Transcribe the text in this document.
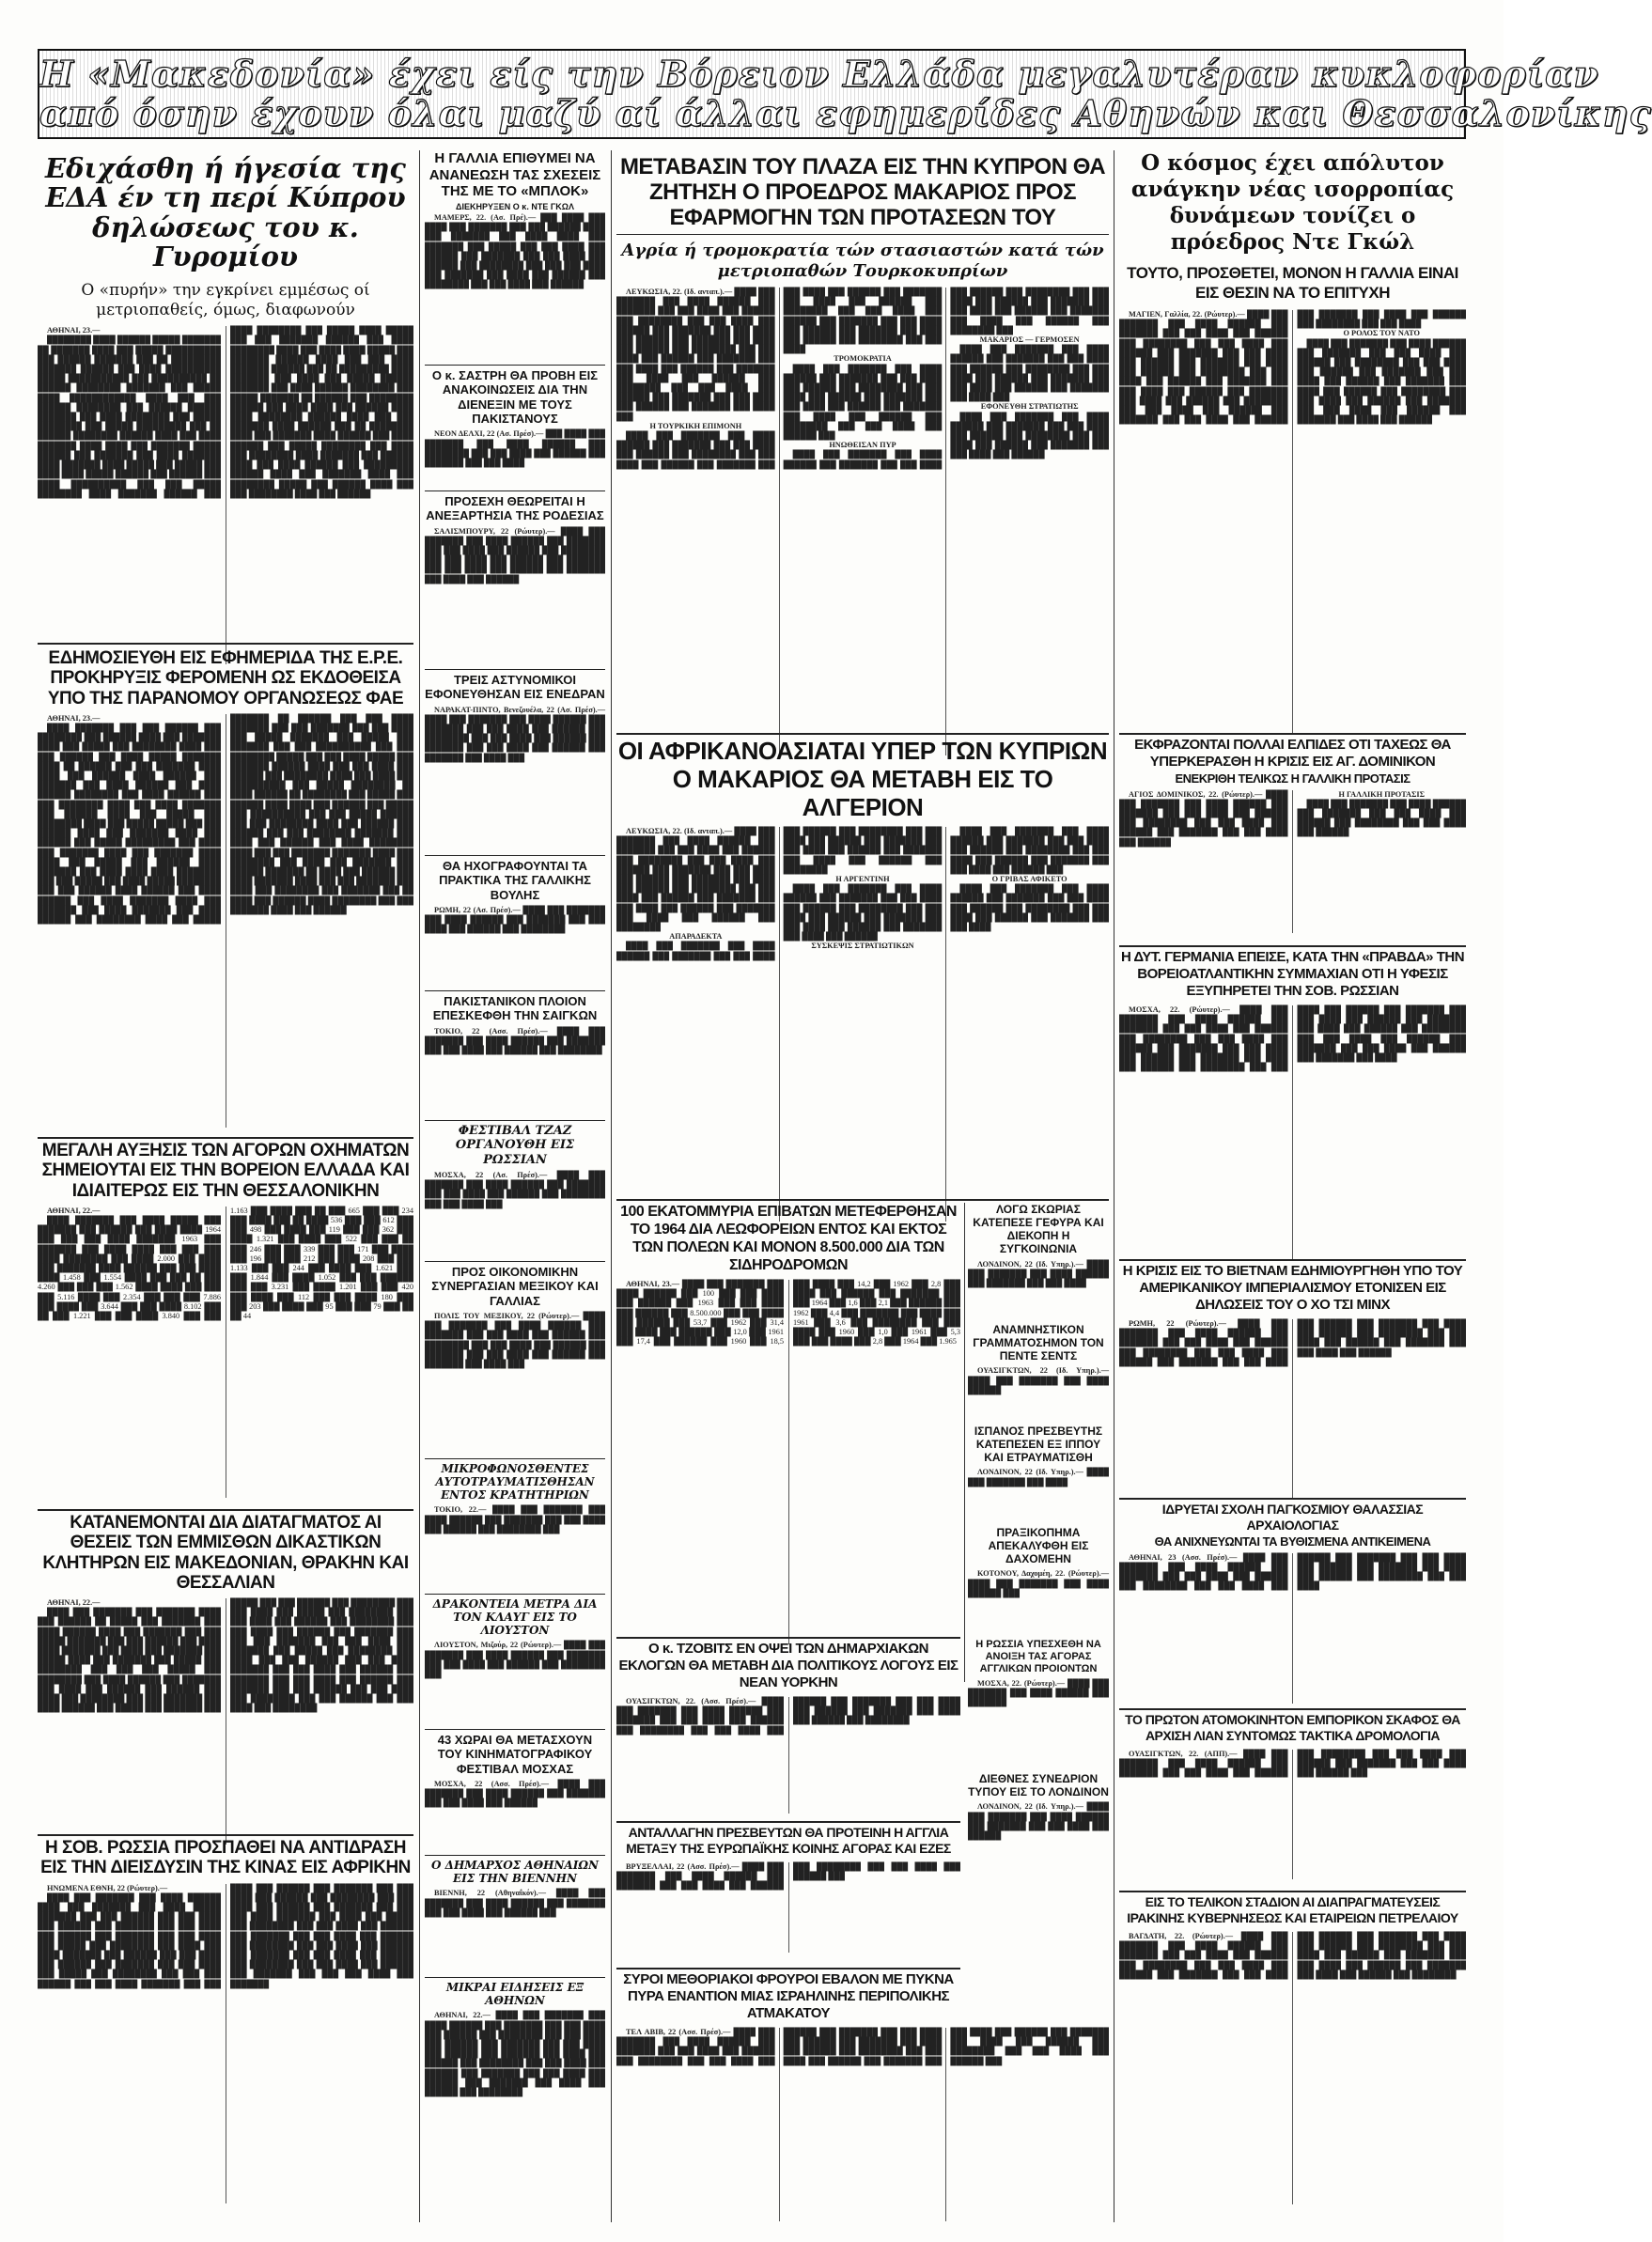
Η «Μακεδονία» έχει είς την Βόρειον Ελλάδα μεγαλυτέραν κυκλοφορίαν
από όσην έχουν όλαι μαζύ αί άλλαι εφημερίδες Αθηνών και Θεσσαλονίκης
Εδιχάσθη ή ήγεσία της ΕΔΑ έν τη περί Κύπρου δηλώσεως του κ. Γυρομίου

Ο «πυρήν» την εγκρίνει εμμέσως οί μετριοπαθείς, όμως, διαφωνούν

ΑΘΗΝΑΙ, 23.—

████████ ████ ██████ █████ ███████ ██ ███████ ████ ███ █████ ██████████ ███ ██████ ███████ ███ ██ █████████ ███████ ██████ ███ ████ ██████████ █████ ███████████ ███ ██████████ ██ ██████ ████████ ███████ ███ █████ ████ ████████████ ████ ███ ███ ██████ ████████ ███ ██████ ██████ ███████ ███ ████ ████████ ███ █████ ████████ ███ █████ █████████ ███ ██ ██████ ████████ ██████ ████ ███ ████ ███████ ████ ████ ███ ███████ █████ ██████ ███ ███████ ███ ████ ███████ ████ ███████ ████ █████ ███ █████ ███ ████ ████ █████ ██████ ███ ██████ ███ ████ ██████████ ███ ███ █████ ████████ ████ ███████ ██████ ███ ████ ████████ ███ █████ ████ █████ ███ ███ ███████ ██████ ███ ████ ████████ ████ ███ ████ ████ █████ ███ ███████ ██████ ████ ███ ███ ████ ███████ ██████ ███ ██ █████████ ████ ███████ ███ ████ ███ █████ ██████ ███████ ███ ████ ██████ ████████ ███ █████ ███████ ██ ██████ ███ ████████ ██████ ███ ████ ████ ███ ██████ ████ ████ ████████ ██████ ████ ███ ███ ███████ ████ ██████ ███ ██ ████████ ████ ███ ███████ ████ ██████ ███ ████ ██████ ███ █████ ████████ ███ ████ ███ ████████ ████ ███████ ███ ██████ ████ ███ ████ ██████ ███ █████████ ██████ ████ ███ ███████ ████ ███ ████████ █████ ███ ██████ ████ ███ ███ ████████ ████ ███ ██████

ΕΔΗΜΟΣΙΕΥΘΗ ΕΙΣ ΕΦΗΜΕΡΙΔΑ ΤΗΣ Ε.Ρ.Ε. ΠΡΟΚΗΡΥΞΙΣ ΦΕΡΟΜΕΝΗ ΩΣ ΕΚΔΟΘΕΙΣΑ ΥΠΟ ΤΗΣ ΠΑΡΑΝΟΜΟΥ ΟΡΓΑΝΩΣΕΩΣ ΦΑΕ

ΑΘΗΝΑΙ, 23.—

████ ███████ ███ ███ ██████ ███ ████████ ███ ██████ ████ ███ ███████ ████ ███ █████ ███ ████████ ████ ███ ███ ██████ ███ ████ █████ ███████ ████ ██ ██████ ███ ███ ███████ ████ ████ ███ ██████ ████ ██████ ███ ███████ ███ ████ ██████ ███ ████ ██████ ████████ ███ ████ ██████ ███ ███ ████████ ████ ███ ████ ███████ ███ ██████ ████ ███ █████ ███ ████████ ████ ███ █████ █████ ███ ███ ██████ ████ ███ ███████ ████ ███ ██████ ███ █████ █████████ ███ ████ ███ ███████ ████ ███ ███████ ████ ████ ███ █████ ███ ██████ ████ ███████ ███ ████ ████ ████ ████████ ███ ███ █████ ███ ████ █████ ████████ ███ ███ ██████ ████ ██████ ███ ████ ██████ ███ ████ ███████ ████ ███ ███████ ███ ████ ███████ ███ ████ ██████ ███ ████████ ████ ███ █████ ███████ ██ ██████ ███ ███ ████ ███████ ███ ███ ███████ ███ ███ ████ ███ █████ ███████ ███ █████ ███ ███████ ███ ███ ██████████ ███ ███ ████████ █████ ███ ███ ████ █████ ███ ███████ ██████ ████ ███ ███ ████ ███ ██████ ███ ████████ ████ ███ ████ ███ ██████████ ███ █████ ████████ ██ ████ ██████ ██ ████████ ███ █████ ███ ██████ ████ ████ ███ ██████ ███ █████ ███ ██████████ ███ ███ █████ ██████ ███ ███ ████████ ████ ███ ██████ ███ ██████ ███ ███ ████████ ███████ ███ ████ ███ ██████ ███ ████ ████████ ████ ███ ███ ███████ ███████ ████ ███ ████████ ███ ████ ███ ███████ ███ ██████ ███████ ██ ████ ███ ██████ ███ ████ ███████ ████ ███ ███ ███████ ███ ████ ███ ████████ ███ ███████ ███ ██ ████ ███ ██████ ████ ████████ ███ ███ ███████ ████ ███ ██████

ΜΕΓΑΛΗ ΑΥΞΗΣΙΣ ΤΩΝ ΑΓΟΡΩΝ ΟΧΗΜΑΤΩΝ ΣΗΜΕΙΟΥΤΑΙ ΕΙΣ ΤΗΝ ΒΟΡΕΙΟΝ ΕΛΛΑΔΑ ΚΑΙ ΙΔΙΑΙΤΕΡΩΣ ΕΙΣ ΤΗΝ ΘΕΣΣΑΛΟΝΙΚΗΝ

ΑΘΗΝΑΙ, 22.—

████ ███████ ███ ████ █████ ███ ███████ ███ ██████ ███ ████ ████ 1964 ███ ███ ███ ████ ███████ 1963 ███ ███████ ███ ████ ████ ███ ███ ███ ████ ████████ ███ ████ 2.000 ███ ████ ███ ███████ ████ ██████ ███ ███ ████ ████ 1.458 ███ 1.554 ████ ███ ███ ██ ███ 4.260 ███ ███ ███ 1.562 ████ ████ ███ ███ ███ 5.116 ████ ███ 2.354 ███ ███ ███ 7.886 ███ ████ ███ 3.644 ███ ███ ████ 8.102 ███ ██ ███ 1.221 ███ ███ ████ 3.840 ███ ███ 1.163 ███ ████ ███ ██ ███ 665 ███ ███ 234 ███ ████ ███ ██ ████ 536 ███ ███ 612 ███ ███ 498 ███ ████ ███ 119 ███ ███ 362 ███ ████ 1.321 ███ ████ ███ 522 ███ ███ ██ ███ 246 ███ ███ 339 ███ ███ 171 ███ ████ ███ 196 ███ ███ 212 ███ ████ 208 ███ ███ 1.133 ███ ███ 244 ███ ████ ███ 1.621 ███ ███ 1.844 ███ ████ 1.052 ███ ███ ██████ ███ ███ 3.231 ███ ████ 1.201 ███ ███ 420 ███ ████ ███ 112 ███ ███ ████ 180 ███ ███ 203 ███ ████ ███ 95 ███ ███ 79 ███ ██ ██ 44

ΚΑΤΑΝΕΜΟΝΤΑΙ ΔΙΑ ΔΙΑΤΑΓΜΑΤΟΣ ΑΙ ΘΕΣΕΙΣ ΤΩΝ ΕΜΜΙΣΘΩΝ ΔΙΚΑΣΤΙΚΩΝ ΚΛΗΤΗΡΩΝ ΕΙΣ ΜΑΚΕΔΟΝΙΑΝ, ΘΡΑΚΗΝ ΚΑΙ ΘΕΣΣΑΛΙΑΝ

ΑΘΗΝΑΙ, 22.—

████ ███ ███████ ███ ███████ ████ ███ ██████ ██ █████ ███ ███████ ███ ████ ██████ ████ ███ ███████ ███ ███ █████ ███████ ███ ███ ██████ ███ ████ ████ ███████ ███ ████ ███ ███████ ███ █████ ████ ███ ███████ ███ █████ ███ ████████ ███ ███ ███ █████ ███ ████████ ███ ████ ██████ ███ ███████ ███ ████ ███ ██████ ███ ██████ ███ ████ ███ ████████ ███ ███ ███████ ███ ████ ██████ ███ █████ ███ ███████ ███ █████ ███ ███ ██████ ███ ████████ ███ ███ ████ ███ █████ ███ ████████ ███ ███ ████ ███ ██████ ███ ████████ ███ ███ ████ ███ ██████ ███ ███████ ███ ███ ███ ███████ ███ ███ ████ ███ ███████ ███ █████ ███ ████████ ███ ████ ███ ███ ██████ ███ ███ ████ ███████ ███ ███ ████ ███ ██████ ███ ███████ ███ ███ ████ ███ ██████ ███ ███████ ███ ███ ██████ ███ ███ ████ ███ ████████ ███ ███ ██████ ███ ███ ████ ███ ████████

Η ΣΟΒ. ΡΩΣΣΙΑ ΠΡΟΣΠΑΘΕΙ ΝΑ ΑΝΤΙΔΡΑΣΗ ΕΙΣ ΤΗΝ ΔΙΕΙΣΔΥΣΙΝ ΤΗΣ ΚΙΝΑΣ ΕΙΣ ΑΦΡΙΚΗΝ

ΗΝΩΜΕΝΑ ΕΘΝΗ, 22 (Ρώυτερ).—

████ ███ ███████ ███ ████ ██████ ████ ███ ███████ ███ ████ █████ ███████ ███ ███ ██████ ███ ███ ████ ███ ██████ ███ ███████ ███ ███ ████ ███ ██████ ███ ███████ ███ ███ ████ ███ █████ ███ ████████ ███ ████ ███ ████ ███████ ███ ██████ ███ ███ ████ ███ ██████ ███ ███████ ███ ███ ████ ███ █████ ███ ████████ ███ ███ ███ ██████ ███ ███ ████ ███████ ███ ███ ████ ███ ██████ ███ ███████ ███ ███ ████ ███ ██████ ███ ████████ ███ ███ ████ ███ ██████ ███ ███████ ███ ███ ███ ████ ███████ ███ ████ ███ █████ ███ ████████ ███ ███ ████ ███ ██████ ███ ███████ ███ ███ ████ ███ ██████ ███ ████████ ███ ███ ████ ███ ██████ ███ ███████ ███ ███ ████ ███ ██████ ███ ████████ ███ ███ ████ ███ ██████ ███ ███████ ███ ███ ███ ████ ███ ███████

Η ΓΑΛΛΙΑ ΕΠΙΘΥΜΕΙ ΝΑ ΑΝΑΝΕΩΣΗ ΤΑΣ ΣΧΕΣΕΙΣ ΤΗΣ ΜΕ ΤΟ «ΜΠΛΟΚ»

ΔΙΕΚΗΡΥΞΕΝ Ο κ. ΝΤΕ ΓΚΩΛ

ΜΑΜΕΡΣ, 22. (Ασ. Πρέ).— ███ ████ ███ ████ ███ ███████ ███ ███ ██████ ████ ███ ███████ ███ ████ ████ ███ ███████ ███ █████ ███ ███ ████ ███ ██████ ███ ███████ ███ ███ ████ ███ ██████ ███ ████████ ███ ███ ███ ████ ███ ███████ ███ ████ ███ ██████ ███ ████████ ███ ███ ████ ███ ██████

Ο κ. ΣΑΣΤΡΗ ΘΑ ΠΡΟΒΗ ΕΙΣ ΑΝΑΚΟΙΝΩΣΕΙΣ ΔΙΑ ΤΗΝ ΔΙΕΝΕΞΙΝ ΜΕ ΤΟΥΣ ΠΑΚΙΣΤΑΝΟΥΣ

ΝΕΟΝ ΔΕΛΧΙ, 22 (Ασ. Πρέσ).— ███ ████ ███ ███████ ███ ████ ██████ ███ ████████ ███ ███ ████ ███ ██████ ███ ███████ ███ ███ ████

ΠΡΟΣΕΧΗ ΘΕΩΡΕΙΤΑΙ Η ΑΝΕΞΑΡΤΗΣΙΑ ΤΗΣ ΡΟΔΕΣΙΑΣ

ΣΑΛΙΣΜΠΟΥΡΥ, 22 (Ρώυτερ).— ████ ███ ███████ ███ ████ ██████ ███ ███████ ███ ███ ████ ███ ██████ ███ ████████ ███ ███ ████ ███ ██████ ███ ███████ ███ ███ ████ ███ ██████ ███ ███████ ███ ████ ███ ██████

ΤΡΕΙΣ ΑΣΤΥΝΟΜΙΚΟΙ ΕΦΟΝΕΥΘΗΣΑΝ ΕΙΣ ΕΝΕΔΡΑΝ

ΝΑΡΑΚΑΤ-ΠΙΝΤΟ, Βενεζουέλα, 22 (Ασ. Πρέσ).— ████ ███ ███████ ███ ████ ██████ ███ ███████ ███ ███ ████ ███ ██████ ███ ████████ ███ ███ ████ ███ ██████ ███ ███████ ███ ███ ████ ███ ██████ ███ ███████ ███ ████ ███

ΘΑ ΗΧΟΓΡΑΦΟΥΝΤΑΙ ΤΑ ΠΡΑΚΤΙΚΑ ΤΗΣ ΓΑΛΛΙΚΗΣ ΒΟΥΛΗΣ

ΡΩΜΗ, 22 (Ασ. Πρέσ).— ████ ███ ███████ ███ ████ ██████ ███ ███████ ███ ███ ████ ███ ██████ ███ ████████

ΠΑΚΙΣΤΑΝΙΚΟΝ ΠΛΟΙΟΝ ΕΠΕΣΚΕΦΘΗ ΤΗΝ ΣΑΙΓΚΩΝ

ΤΟΚΙΟ, 22 (Ασσ. Πρέσ).— ████ ███ ███████ ███ ████ ██████ ███ ███████ ███ ███ ████ ███ ██████ ███ ████████

ΦΕΣΤΙΒΑΛ ΤΖΑΖ ΟΡΓΑΝΟΥΘΗ ΕΙΣ ΡΩΣΣΙΑΝ

ΜΟΣΧΑ, 22 (Ασ. Πρέσ).— ████ ███ ███████ ███ ████ ██████ ███ ███████ ███ ███ ████ ███ ██████ ███ ████████ ███ ███ ████ ███

ΠΡΟΣ ΟΙΚΟΝΟΜΙΚΗΝ ΣΥΝΕΡΓΑΣΙΑΝ ΜΕΞΙΚΟΥ ΚΑΙ ΓΑΛΛΙΑΣ

ΠΟΛΙΣ ΤΟΥ ΜΕΞΙΚΟΥ, 22 (Ρώυτερ).— ████ ███ ███████ ███ ████ ██████ ███ ███████ ███ ███ ████ ███ ██████ ███ ████████ ███ ███ ████ ███ ██████ ███ ███████ ███ ███ ████ ███ ██████ ███ ███████ ███ ████ ███

ΜΙΚΡΟΦΩΝΟΣΘΕΝΤΕΣ ΑΥΤΟΤΡΑΥΜΑΤΙΣΘΗΣΑΝ ΕΝΤΟΣ ΚΡΑΤΗΤΗΡΙΩΝ

ΤΟΚΙΟ, 22.— ████ ███ ███████ ███ ████ ██████ ███ ███████ ███ ███ ████ ███ ██████ ███ ████████ ███

ΔΡΑΚΟΝΤΕΙΑ ΜΕΤΡΑ ΔΙΑ ΤΟΝ ΚΛΑΥΓ ΕΙΣ ΤΟ ΛΙΟΥΣΤΟΝ

ΛΙΟΥΣΤΟΝ, Μιζούρ, 22 (Ρώυτερ).— ████ ███ ███████ ███ ████ ██████ ███ ███████ ███ ███ ████ ███ ██████ ███ ████████ ███

43 ΧΩΡΑΙ ΘΑ ΜΕΤΑΣΧΟΥΝ ΤΟΥ ΚΙΝΗΜΑΤΟΓΡΑΦΙΚΟΥ ΦΕΣΤΙΒΑΛ ΜΟΣΧΑΣ

ΜΟΣΧΑ, 22 (Ασσ. Πρέσ).— ████ ███ ███████ ███ ████ ██████ ███ ███████ ███ ███ ████ ███ ██████

Ο ΔΗΜΑΡΧΟΣ ΑΘΗΝΑΙΩΝ ΕΙΣ ΤΗΝ ΒΙΕΝΝΗΝ

ΒΙΕΝΝΗ, 22 (Αθηναΐκόν).— ████ ███ ███████ ███ ████ ██████ ███ ███████ ███ ███ ████ ███ ██████ ███

ΜΙΚΡΑΙ ΕΙΔΗΣΕΙΣ ΕΞ ΑΘΗΝΩΝ

ΑΘΗΝΑΙ, 22.— ████ ███ ███████ ███ ████ ██████ ███ ███████ ███ ███ ████ ███ ██████ ███ ████████ ███ ███ ████ ███ ██████ ███ ███████ ███ ███ ████ ███ ██████ ███ ███████ ███ ████ ███ ██████ ███ ████████ ███ ███ ████ ███ ██████ ███ ███████ ███ ███ ████ ███ ██████ ███ ███████ ███ ████ ███ ██████ ███ ████████

ΜΕΤΑΒΑΣΙΝ ΤΟΥ ΠΛΑΖΑ ΕΙΣ ΤΗΝ ΚΥΠΡΟΝ ΘΑ ΖΗΤΗΣΗ Ο ΠΡΟΕΔΡΟΣ ΜΑΚΑΡΙΟΣ ΠΡΟΣ ΕΦΑΡΜΟΓΗΝ ΤΩΝ ΠΡΟΤΑΣΕΩΝ ΤΟΥ

Αγρία ή τρομοκρατία τών στασιαστών κατά τών μετριοπαθών Τουρκοκυπρίων

ΛΕΥΚΩΣΙΑ, 22. (Ιδ. ανταπ.).— ████ ███ ███████ ███ ████ ██████ ███ ███████ ███ ███ ████ ███ ██████ ███ ████████ ███ ███ ████ ███ ██████ ███ ███████ ███ ███ ████ ███ ██████ ███ ███████ ███ ████ ███ ██████ ███ ████████ ███ ███ ████ ███ ██████ ███ ███████ ███ ███ ████ ███ ██████ ███ ███████ ███ ████ ███ ██████ ███ ████████ ███ ███ ████ ███ ██████ ███ ███████ ███ ███ ████ ███ ██████ ███ ███████ ███ ████ ███

Η ΤΟΥΡΚΙΚΗ ΕΠΙΜΟΝΗ

████ ███ ███████ ███ ████ ██████ ███ ███████ ███ ███ ████ ███ ██████ ███ ████████ ███ ███ ████ ███ ██████ ███ ███████ ███ ███ ████ ███ ██████ ███ ███████ ███ ████ ███ ██████ ███ ████████ ███ ███ ████ ███ ██████ ███ ███████ ███ ███ ████ ███ ██████ ███ ███████ ███ ████ ███ ██████ ███ ████████ ███ ███ ████

ΤΡΟΜΟΚΡΑΤΙΑ

████ ███ ███████ ███ ████ ██████ ███ ███████ ███ ███ ████ ███ ██████ ███ ████████ ███ ███ ████ ███ ██████ ███ ███████ ███ ███ ████ ███ ██████ ███ ███████ ███ ████ ███ ██████ ███ ████████ ███ ███ ████ ███ ██████ ███

ΗΝΩΘΕΙΣΑΝ ΠΥΡ

████ ███ ███████ ███ ████ ██████ ███ ███████ ███ ███ ████ ███ ██████ ███ ████████ ███ ███ ████ ███ ██████ ███ ███████ ███ ███ ████ ███ ██████ ███ ███████ ███ ████ ███ ██████ ███ ████████ ███

ΜΑΚΑΡΙΟΣ — ΓΕΡΜΟΣΕΝ

████ ███ ███████ ███ ████ ██████ ███ ███████ ███ ███ ████ ███ ██████ ███ ████████ ███ ███ ████ ███ ██████ ███ ███████ ███ ███ ████ ███ ██████ ███ ███████ ███ ████ ███

ΕΦΟΝΕΥΘΗ ΣΤΡΑΤΙΩΤΗΣ

████ ███ ███████ ███ ████ ██████ ███ ███████ ███ ███ ████ ███ ██████ ███ ████████ ███ ███ ████ ███ ██████ ███ ███████ ███ ███ ████ ███ ██████

ΟΙ ΑΦΡΙΚΑΝΟΑΣΙΑΤΑΙ ΥΠΕΡ ΤΩΝ ΚΥΠΡΙΩΝ Ο ΜΑΚΑΡΙΟΣ ΘΑ ΜΕΤΑΒΗ ΕΙΣ ΤΟ ΑΛΓΕΡΙΟΝ

ΛΕΥΚΩΣΙΑ, 22. (Ιδ. ανταπ.).— ████ ███ ███████ ███ ████ ██████ ███ ███████ ███ ███ ████ ███ ██████ ███ ████████ ███ ███ ████ ███ ██████ ███ ███████ ███ ███ ████ ███ ██████ ███ ███████ ███ ████ ███ ██████ ███ ████████ ███ ███ ████ ███ ██████ ███ ███████ ███ ███ ████ ███ ██████ ███ ███████ ███ ████ ███ ██████ ███ ████████

ΑΠΑΡΑΔΕΚΤΑ

████ ███ ███████ ███ ████ ██████ ███ ███████ ███ ███ ████ ███ ██████ ███ ████████ ███ ███ ████ ███ ██████ ███ ███████ ███ ███ ████ ███ ██████ ███ ███████ ███ ████ ███ ██████ ███ ████████

Η ΑΡΓΕΝΤΙΝΗ

████ ███ ███████ ███ ████ ██████ ███ ███████ ███ ███ ████ ███ ██████ ███ ████████ ███ ███ ████ ███ ██████ ███ ███████ ███ ███ ████ ███ ██████ ███ ███████ ███ ████ ███ ██████

ΣΥΣΚΕΨΙΣ ΣΤΡΑΤΙΩΤΙΚΩΝ

████ ███ ███████ ███ ████ ██████ ███ ███████ ███ ███ ████ ███ ██████ ███ ████████ ███ ███ ████ ███ ██████ ███ ███████ ███ ███ ████ ███ ██████ ███

Ο ΓΡΙΒΑΣ ΑΦΙΚΕΤΟ

████ ███ ███████ ███ ████ ██████ ███ ███████ ███ ███ ████ ███ ██████ ███ ████████ ███ ███ ████ ███ ██████ ███ ███████ ███ ███ ████

100 ΕΚΑΤΟΜΜΥΡΙΑ ΕΠΙΒΑΤΩΝ ΜΕΤΕΦΕΡΘΗΣΑΝ ΤΟ 1964 ΔΙΑ ΛΕΩΦΟΡΕΙΩΝ ΕΝΤΟΣ ΚΑΙ ΕΚΤΟΣ ΤΩΝ ΠΟΛΕΩΝ ΚΑΙ ΜΟΝΟΝ 8.500.000 ΔΙΑ ΤΩΝ ΣΙΔΗΡΟΔΡΟΜΩΝ

ΑΘΗΝΑΙ, 23.— ████ ███ ███████ ███ ████ ██████ ███ 100 ███ ███ ████ ███ ██████ ███ 1963 ███ ███ ████ ███ ██████ ███ 8.500.000 ███ ███ ████ ███ ██████ ███ 53,7 ███ 1962 ███ 31,4 ███ ████ ███ ██████ ███ 12,0 ███ 1961 ███ 17,4 ███ ██████ ███ 1960 ███ 18,5 ███ ████ ███ 14,2 ███ 1962 ███ 2,8 ███ ████ ███ ██████ ███ ███████ ███ ███ 1964 ███ 1,6 ███ 2,1 ███ ██████ ███ 1962 ███ 4,4 ███ ███████ ███ ████ ███ 1961 ███ 3,6 ███ ████████ ███ ███ ████ ███ 1960 ███ 1,0 ███ 1961 ███ 5,3 ███ ███ ████ ███ 2,8 ███ 1964 ███ 1.965

ΛΟΓΩ ΣΚΩΡΙΑΣ ΚΑΤΕΠΕΣΕ ΓΕΦΥΡΑ ΚΑΙ ΔΙΕΚΟΠΗ Η ΣΥΓΚΟΙΝΩΝΙΑ

ΛΟΝΔΙΝΟΝ, 22 (Ιδ. Υπηρ.).— ████ ███ ███████ ███ ████ ██████ ███ ███████ ███ ███ ████

ΑΝΑΜΝΗΣΤΙΚΟΝ ΓΡΑΜΜΑΤΟΣΗΜΟΝ ΤΟΝ ΠΕΝΤΕ ΣΕΝΤΣ

ΟΥΑΣΙΓΚΤΩΝ, 22 (Ιδ. Υπηρ.).— ████ ███ ███████ ███ ████ ██████

ΙΣΠΑΝΟΣ ΠΡΕΣΒΕΥΤΗΣ ΚΑΤΕΠΕΣΕΝ ΕΞ ΙΠΠΟΥ ΚΑΙ ΕΤΡΑΥΜΑΤΙΣΘΗ

ΛΟΝΔΙΝΟΝ, 22 (Ιδ. Υπηρ.).— ████ ███ ███████ ███ ████

ΠΡΑΞΙΚΟΠΗΜΑ ΑΠΕΚΑΛΥΦΘΗ ΕΙΣ ΔΑΧΟΜΕΗΝ

ΚΟΤΟΝΟΥ, Δαχομέη, 22. (Ρώυτερ).— ████ ███ ███████ ███ ████ ██████ ███

Ο κ. ΤΖΟΒΙΤΣ ΕΝ ΟΨΕΙ ΤΩΝ ΔΗΜΑΡΧΙΑΚΩΝ ΕΚΛΟΓΩΝ ΘΑ ΜΕΤΑΒΗ ΔΙΑ ΠΟΛΙΤΙΚΟΥΣ ΛΟΓΟΥΣ ΕΙΣ ΝΕΑΝ ΥΟΡΚΗΝ

ΟΥΑΣΙΓΚΤΩΝ, 22. (Ασσ. Πρέσ).— ████ ███ ███████ ███ ████ ██████ ███ ███████ ███ ███ ████ ███ ██████ ███ ████████ ███ ███ ████ ███ ██████ ███ ███████ ███ ███ ████ ███ ██████ ███ ███████ ███ ████ ███ ██████ ███ ████████

Η ΡΩΣΣΙΑ ΥΠΕΣΧΕΘΗ ΝΑ ΑΝΟΙΞΗ ΤΑΣ ΑΓΟΡΑΣ ΑΓΓΛΙΚΩΝ ΠΡΟΙΟΝΤΩΝ

ΜΟΣΧΑ, 22. (Ρώυτερ).— ████ ███ ███████ ███ ████ ██████ ███ ███████

ΔΙΕΘΝΕΣ ΣΥΝΕΔΡΙΟΝ ΤΥΠΟΥ ΕΙΣ ΤΟ ΛΟΝΔΙΝΟΝ

ΛΟΝΔΙΝΟΝ, 22 (Ιδ. Υπηρ.).— ████ ███ ███████ ███ ████ ██████ ███ ███████ ███ ███ ████ ███ ██████

ΑΝΤΑΛΛΑΓΗΝ ΠΡΕΣΒΕΥΤΩΝ ΘΑ ΠΡΟΤΕΙΝΗ Η ΑΓΓΛΙΑ ΜΕΤΑΞΥ ΤΗΣ ΕΥΡΩΠΑΪΚΗΣ ΚΟΙΝΗΣ ΑΓΟΡΑΣ ΚΑΙ ΕΖΕΣ

ΒΡΥΞΕΛΛΑΙ, 22 (Ασσ. Πρέσ).— ████ ███ ███████ ███ ████ ██████ ███ ███████ ███ ███ ████ ███ ██████ ███ ████████ ███ ███ ████ ███ ██████ ███

ΣΥΡΟΙ ΜΕΘΟΡΙΑΚΟΙ ΦΡΟΥΡΟΙ ΕΒΑΛΟΝ ΜΕ ΠΥΚΝΑ ΠΥΡΑ ΕΝΑΝΤΙΟΝ ΜΙΑΣ ΙΣΡΑΗΛΙΝΗΣ ΠΕΡΙΠΟΛΙΚΗΣ ΑΤΜΑΚΑΤΟΥ

ΤΕΛ ΑΒΙΒ, 22 (Ασσ. Πρέσ).— ████ ███ ███████ ███ ████ ██████ ███ ███████ ███ ███ ████ ███ ██████ ███ ████████ ███ ███ ████ ███ ██████ ███ ███████ ███ ███ ████ ███ ██████ ███ ███████ ███ ████ ███ ██████ ███ ████████ ███ ███ ████ ███ ██████ ███ ███████ ███ ███ ████ ███ ██████ ███ ███████ ███ ████ ███ ██████ ███ ████████ ███ ███ ████ ███ ██████ ███

Ο κόσμος έχει απόλυτον ανάγκην νέας ισορροπίας δυνάμεων τονίζει ο πρόεδρος Ντε Γκώλ

ΤΟΥΤΟ, ΠΡΟΣΘΕΤΕΙ, ΜΟΝΟΝ Η ΓΑΛΛΙΑ ΕΙΝΑΙ ΕΙΣ ΘΕΣΙΝ ΝΑ ΤΟ ΕΠΙΤΥΧΗ

ΜΑΓΙΕΝ, Γαλλία, 22. (Ρώυτερ).— ████ ███ ███████ ███ ████ ██████ ███ ███████ ███ ███ ████ ███ ██████ ███ ████████ ███ ███ ████ ███ ██████ ███ ███████ ███ ███ ████ ███ ██████ ███ ███████ ███ ████ ███ ██████ ███ ████████ ███ ███ ████ ███ ██████ ███ ███████ ███ ███ ████ ███ ██████ ███ ███████ ███ ████ ███ ██████ ███ ████████ ███ ███ ████ ███ ██████ ███ ███████ ███ ███ ████ ███ ██████ ███ ███████ ███ ████ ███ ██████ ███ ████████ ███ ███ ████

Ο ΡΟΛΟΣ ΤΟΥ ΝΑΤΟ

████ ███ ███████ ███ ████ ██████ ███ ███████ ███ ███ ████ ███ ██████ ███ ████████ ███ ███ ████ ███ ██████ ███ ███████ ███ ███ ████ ███ ██████ ███ ███████ ███ ████ ███ ██████ ███ ████████ ███ ███ ████ ███ ██████ ███ ███████ ███ ███ ████ ███ ██████ ███ ███████ ███ ████ ███ ██████

ΕΚΦΡΑΖΟΝΤΑΙ ΠΟΛΛΑΙ ΕΛΠΙΔΕΣ ΟΤΙ ΤΑΧΕΩΣ ΘΑ ΥΠΕΡΚΕΡΑΣΘΗ Η ΚΡΙΣΙΣ ΕΙΣ ΑΓ. ΔΟΜΙΝΙΚΟΝ

ΕΝΕΚΡΙΘΗ ΤΕΛΙΚΩΣ Η ΓΑΛΛΙΚΗ ΠΡΟΤΑΣΙΣ

ΑΓΙΟΣ ΔΟΜΙΝΙΚΟΣ, 22. (Ρώυτερ).— ████ ███ ███████ ███ ████ ██████ ███ ███████ ███ ███ ████ ███ ██████ ███ ████████ ███ ███ ████ ███ ██████ ███ ███████ ███ ███ ████ ███ ██████

Η ΓΑΛΛΙΚΗ ΠΡΟΤΑΣΙΣ

████ ███ ███████ ███ ████ ██████ ███ ███████ ███ ███ ████ ███ ██████ ███ ████████ ███ ███ ████ ███ ██████

Η ΔΥΤ. ΓΕΡΜΑΝΙΑ ΕΠΕΙΣΕ, ΚΑΤΑ ΤΗΝ «ΠΡΑΒΔΑ» ΤΗΝ ΒΟΡΕΙΟΑΤΛΑΝΤΙΚΗΝ ΣΥΜΜΑΧΙΑΝ ΟΤΙ Η ΥΦΕΣΙΣ ΕΞΥΠΗΡΕΤΕΙ ΤΗΝ ΣΟΒ. ΡΩΣΣΙΑΝ

ΜΟΣΧΑ, 22. (Ρώυτερ).— ████ ███ ███████ ███ ████ ██████ ███ ███████ ███ ███ ████ ███ ██████ ███ ████████ ███ ███ ████ ███ ██████ ███ ███████ ███ ███ ████ ███ ██████ ███ ███████ ███ ████ ███ ██████ ███ ████████ ███ ███ ████ ███ ██████ ███ ███████ ███ ███ ████ ███ ██████ ███ ███████ ███ ████ ███ ██████ ███ ████████ ███ ███ ████ ███ ██████ ███ ███████ ███ ███ ████ ███ ██████ ███ ███████ ███ ████

Η ΚΡΙΣΙΣ ΕΙΣ ΤΟ ΒΙΕΤΝΑΜ ΕΔΗΜΙΟΥΡΓΗΘΗ ΥΠΟ ΤΟΥ ΑΜΕΡΙΚΑΝΙΚΟΥ ΙΜΠΕΡΙΑΛΙΣΜΟΥ ΕΤΟΝΙΣΕΝ ΕΙΣ ΔΗΛΩΣΕΙΣ ΤΟΥ Ο ΧΟ ΤΣΙ ΜΙΝΧ

ΡΩΜΗ, 22 (Ρώυτερ).— ████ ███ ███████ ███ ████ ██████ ███ ███████ ███ ███ ████ ███ ██████ ███ ████████ ███ ███ ████ ███ ██████ ███ ███████ ███ ███ ████ ███ ██████ ███ ███████ ███ ████ ███ ██████ ███ ████████ ███ ███ ████ ███ ██████ ███ ███████ ███ ███ ████ ███ ██████

ΙΔΡΥΕΤΑΙ ΣΧΟΛΗ ΠΑΓΚΟΣΜΙΟΥ ΘΑΛΑΣΣΙΑΣ ΑΡΧΑΙΟΛΟΓΙΑΣ

ΘΑ ΑΝΙΧΝΕΥΩΝΤΑΙ ΤΑ ΒΥΘΙΣΜΕΝΑ ΑΝΤΙΚΕΙΜΕΝΑ

ΑΘΗΝΑΙ, 23 (Ασσ. Πρέσ).— ████ ███ ███████ ███ ████ ██████ ███ ███████ ███ ███ ████ ███ ██████ ███ ████████ ███ ███ ████ ███ ██████ ███ ███████ ███ ███ ████ ███ ██████ ███ ███████ ███ ████ ███ ██████ ███ ████████ ███ ███ ████

ΤΟ ΠΡΩΤΟΝ ΑΤΟΜΟΚΙΝΗΤΟΝ ΕΜΠΟΡΙΚΟΝ ΣΚΑΦΟΣ ΘΑ ΑΡΧΙΣΗ ΛΙΑΝ ΣΥΝΤΟΜΩΣ ΤΑΚΤΙΚΑ ΔΡΟΜΟΛΟΓΙΑ

ΟΥΑΣΙΓΚΤΩΝ, 22. (ΑΠΠ).— ████ ███ ███████ ███ ████ ██████ ███ ███████ ███ ███ ████ ███ ██████ ███ ████████ ███ ███ ████ ███ ██████ ███ ███████ ███ ███ ████ ███ ██████ ███

ΕΙΣ ΤΟ ΤΕΛΙΚΟΝ ΣΤΑΔΙΟΝ ΑΙ ΔΙΑΠΡΑΓΜΑΤΕΥΣΕΙΣ ΙΡΑΚΙΝΗΣ ΚΥΒΕΡΝΗΣΕΩΣ ΚΑΙ ΕΤΑΙΡΕΙΩΝ ΠΕΤΡΕΛΑΙΟΥ

ΒΑΓΔΑΤΗ, 22. (Ρώυτερ).— ████ ███ ███████ ███ ████ ██████ ███ ███████ ███ ███ ████ ███ ██████ ███ ████████ ███ ███ ████ ███ ██████ ███ ███████ ███ ███ ████ ███ ██████ ███ ███████ ███ ████ ███ ██████ ███ ████████ ███ ███ ████ ███ ██████ ███ ███████ ███ ███ ████ ███ ██████ ███ ███████ ███ ████ ███ ██████ ███ ████████
